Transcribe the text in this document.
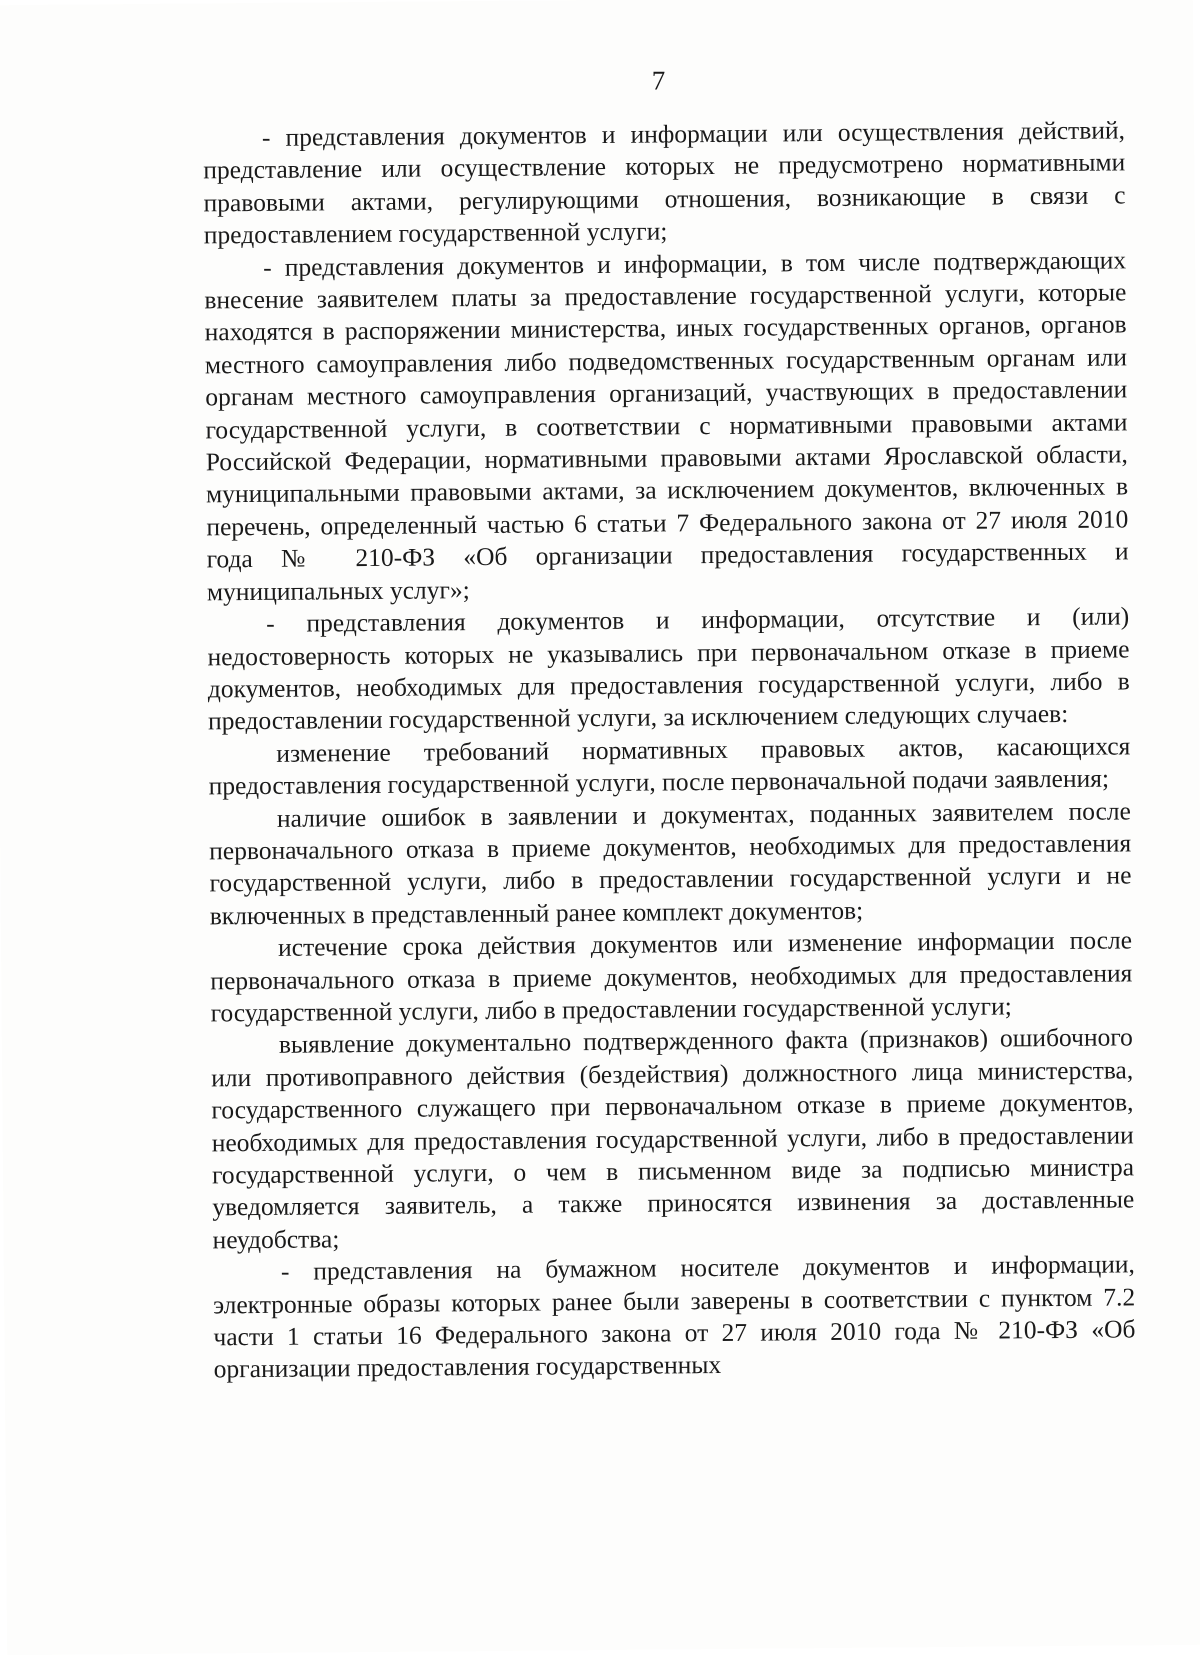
7

- представления документов и информации или осуществления действий, представление или осуществление которых не предусмотрено нормативными правовыми актами, регулирующими отношения, возникающие в связи с предоставлением государственной услуги;

- представления документов и информации, в том числе подтверждающих внесение заявителем платы за предоставление государственной услуги, которые находятся в распоряжении министерства, иных государственных органов, органов местного самоуправления либо подведомственных государственным органам или органам местного самоуправления организаций, участвующих в предоставлении государственной услуги, в соответствии с нормативными правовыми актами Российской Федерации, нормативными правовыми актами Ярославской области, муниципальными правовыми актами, за исключением документов, включенных в перечень, определенный частью 6 статьи 7 Федерального закона от 27 июля 2010 года № 210-ФЗ «Об организации предоставления государственных и муниципальных услуг»;

- представления документов и информации, отсутствие и (или) недостоверность которых не указывались при первоначальном отказе в приеме документов, необходимых для предоставления государственной услуги, либо в предоставлении государственной услуги, за исключением следующих случаев:

изменение требований нормативных правовых актов, касающихся предоставления государственной услуги, после первоначальной подачи заявления;

наличие ошибок в заявлении и документах, поданных заявителем после первоначального отказа в приеме документов, необходимых для предоставления государственной услуги, либо в предоставлении государственной услуги и не включенных в представленный ранее комплект документов;

истечение срока действия документов или изменение информации после первоначального отказа в приеме документов, необходимых для предоставления государственной услуги, либо в предоставлении государственной услуги;

выявление документально подтвержденного факта (признаков) ошибочного или противоправного действия (бездействия) должностного лица министерства, государственного служащего при первоначальном отказе в приеме документов, необходимых для предоставления государственной услуги, либо в предоставлении государственной услуги, о чем в письменном виде за подписью министра уведомляется заявитель, а также приносятся извинения за доставленные неудобства;

- представления на бумажном носителе документов и информации, электронные образы которых ранее были заверены в соответствии с пунктом 7.2 части 1 статьи 16 Федерального закона от 27 июля 2010 года № 210-ФЗ «Об организации предоставления государственных
